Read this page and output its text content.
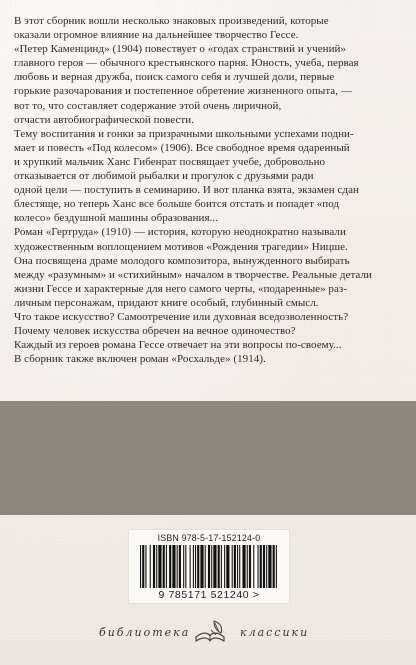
В этот сборник вошли несколько знаковых произведений, которые
оказали огромное влияние на дальнейшее творчество Гессе.
«Петер Каменцинд» (1904) повествует о «годах странствий и учений»
главного героя — обычного крестьянского парня. Юность, учеба, первая
любовь и верная дружба, поиск самого себя и лучшей доли, первые
горькие разочарования и постепенное обретение жизненного опыта, —
вот то, что составляет содержание этой очень лиричной,
отчасти автобиографической повести.

Тему воспитания и гонки за призрачными школьными успехами подни-
мает и повесть «Под колесом» (1906). Все свободное время одаренный
и хрупкий мальчик Ханс Гибенрат посвящает учебе, добровольно
отказывается от любимой рыбалки и прогулок с друзьями ради
одной цели — поступить в семинарию. И вот планка взята, экзамен сдан
блестяще, но теперь Ханс все больше боится отстать и попадет «под
колесо» бездушной машины образования...

Роман «Гертруда» (1910) — история, которую неоднократно называли
художественным воплощением мотивов «Рождения трагедии» Ницше.
Она посвящена драме молодого композитора, вынужденного выбирать
между «разумным» и «стихийным» началом в творчестве. Реальные детали
жизни Гессе и характерные для него самого черты, «подаренные» раз-
личным персонажам, придают книге особый, глубинный смысл.
Что такое искусство? Самоотречение или духовная вседозволенность?
Почему человек искусства обречен на вечное одиночество?
Каждый из героев романа Гессе отвечает на эти вопросы по-своему...
В сборник также включен роман «Росхальде» (1914).

ISBN 978-5-17-152124-0
9 785171 521240 >
библиотека	классики
